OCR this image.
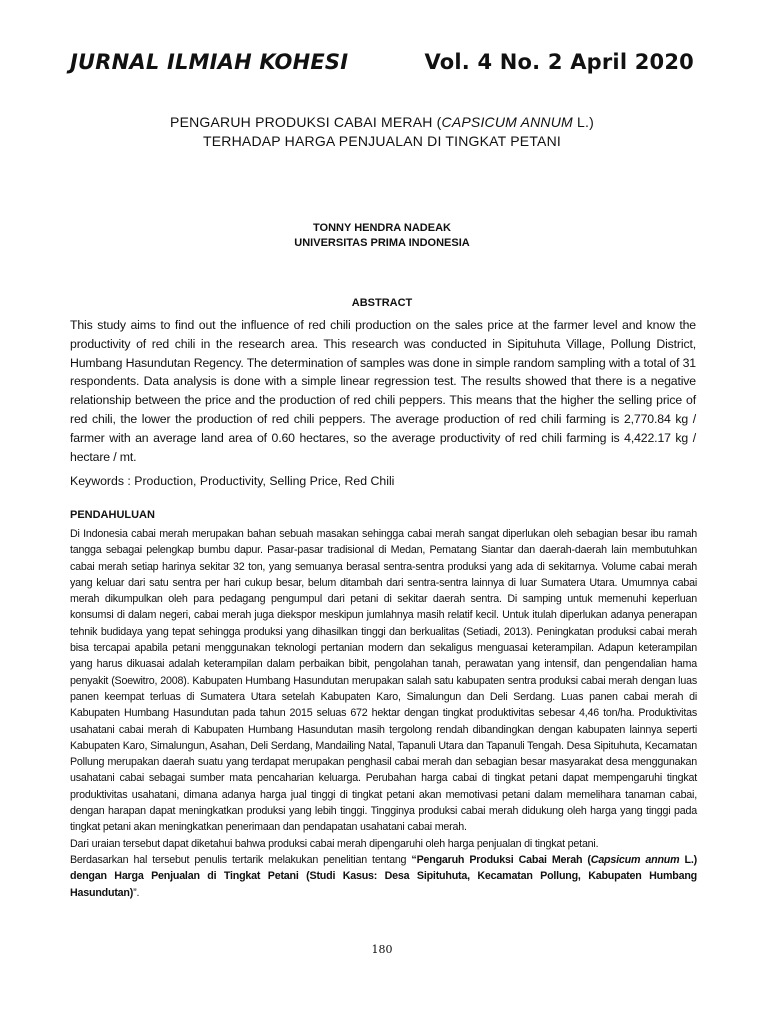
JURNAL ILMIAH KOHESI	Vol. 4 No. 2 April 2020
PENGARUH PRODUKSI CABAI MERAH (CAPSICUM ANNUM L.)
TERHADAP HARGA PENJUALAN DI TINGKAT PETANI
TONNY HENDRA NADEAK
UNIVERSITAS PRIMA INDONESIA
ABSTRACT
This study aims to find out the influence of red chili production on the sales price at the farmer level and know the productivity of red chili in the research area. This research was conducted in Sipituhuta Village, Pollung District, Humbang Hasundutan Regency. The determination of samples was done in simple random sampling with a total of 31 respondents. Data analysis is done with a simple linear regression test. The results showed that there is a negative relationship between the price and the production of red chili peppers. This means that the higher the selling price of red chili, the lower the production of red chili peppers. The average production of red chili farming is 2,770.84 kg / farmer with an average land area of 0.60 hectares, so the average productivity of red chili farming is 4,422.17 kg / hectare / mt.
Keywords : Production, Productivity, Selling Price, Red Chili
PENDAHULUAN

Di Indonesia cabai merah merupakan bahan sebuah masakan sehingga cabai merah sangat diperlukan oleh sebagian besar ibu ramah tangga sebagai pelengkap bumbu dapur. Pasar-pasar tradisional di Medan, Pematang Siantar dan daerah-daerah lain membutuhkan cabai merah setiap harinya sekitar 32 ton, yang semuanya berasal sentra-sentra produksi yang ada di sekitarnya. Volume cabai merah yang keluar dari satu sentra per hari cukup besar, belum ditambah dari sentra-sentra lainnya di luar Sumatera Utara. Umumnya cabai merah dikumpulkan oleh para pedagang pengumpul dari petani di sekitar daerah sentra. Di samping untuk memenuhi keperluan konsumsi di dalam negeri, cabai merah juga diekspor meskipun jumlahnya masih relatif kecil. Untuk itulah diperlukan adanya penerapan tehnik budidaya yang tepat sehingga produksi yang dihasilkan tinggi dan berkualitas (Setiadi, 2013). Peningkatan produksi cabai merah bisa tercapai apabila petani menggunakan teknologi pertanian modern dan sekaligus menguasai keterampilan. Adapun keterampilan yang harus dikuasai adalah keterampilan dalam perbaikan bibit, pengolahan tanah, perawatan yang intensif, dan pengendalian hama penyakit (Soewitro, 2008). Kabupaten Humbang Hasundutan merupakan salah satu kabupaten sentra produksi cabai merah dengan luas panen keempat terluas di Sumatera Utara setelah Kabupaten Karo, Simalungun dan Deli Serdang. Luas panen cabai merah di Kabupaten Humbang Hasundutan pada tahun 2015 seluas 672 hektar dengan tingkat produktivitas sebesar 4,46 ton/ha. Produktivitas usahatani cabai merah di Kabupaten Humbang Hasundutan masih tergolong rendah dibandingkan dengan kabupaten lainnya seperti Kabupaten Karo, Simalungun, Asahan, Deli Serdang, Mandailing Natal, Tapanuli Utara dan Tapanuli Tengah. Desa Sipituhuta, Kecamatan Pollung merupakan daerah suatu yang terdapat merupakan penghasil cabai merah dan sebagian besar masyarakat desa menggunakan usahatani cabai sebagai sumber mata pencaharian keluarga. Perubahan harga cabai di tingkat petani dapat mempengaruhi tingkat produktivitas usahatani, dimana adanya harga jual tinggi di tingkat petani akan memotivasi petani dalam memelihara tanaman cabai, dengan harapan dapat meningkatkan produksi yang lebih tinggi. Tingginya produksi cabai merah didukung oleh harga yang tinggi pada tingkat petani akan meningkatkan penerimaan dan pendapatan usahatani cabai merah.

Dari uraian tersebut dapat diketahui bahwa produksi cabai merah dipengaruhi oleh harga penjualan di tingkat petani.

Berdasarkan hal tersebut penulis tertarik melakukan penelitian tentang “Pengaruh Produksi Cabai Merah (Capsicum annum L.) dengan Harga Penjualan di Tingkat Petani (Studi Kasus: Desa Sipituhuta, Kecamatan Pollung, Kabupaten Humbang Hasundutan)”.

180
